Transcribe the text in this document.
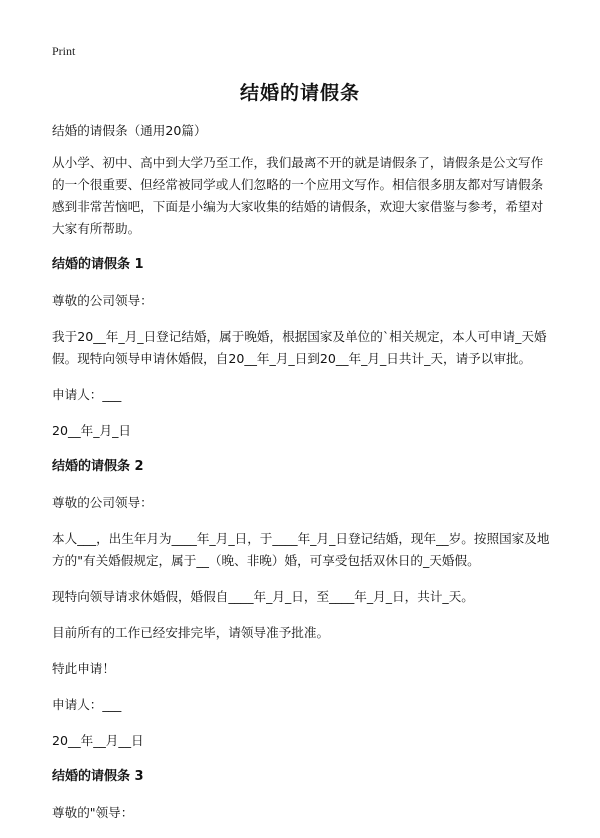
Print
结婚的请假条

结婚的请假条（通用20篇）

从小学、初中、高中到大学乃至工作，我们最离不开的就是请假条了，请假条是公文写作的一个很重要、但经常被同学或人们忽略的一个应用文写作。相信很多朋友都对写请假条感到非常苦恼吧，下面是小编为大家收集的结婚的请假条，欢迎大家借鉴与参考，希望对大家有所帮助。

结婚的请假条 1

尊敬的公司领导：

我于20__年_月_日登记结婚，属于晚婚，根据国家及单位的`相关规定，本人可申请_天婚假。现特向领导申请休婚假，自20__年_月_日到20__年_月_日共计_天，请予以审批。

申请人：___

20__年_月_日

结婚的请假条 2

尊敬的公司领导：

本人___，出生年月为____年_月_日，于____年_月_日登记结婚，现年__岁。按照国家及地方的"有关婚假规定，属于__（晚、非晚）婚，可享受包括双休日的_天婚假。

现特向领导请求休婚假，婚假自____年_月_日，至____年_月_日，共计_天。

目前所有的工作已经安排完毕，请领导准予批准。

特此申请！

申请人：___

20__年__月__日

结婚的请假条 3

尊敬的"领导：
